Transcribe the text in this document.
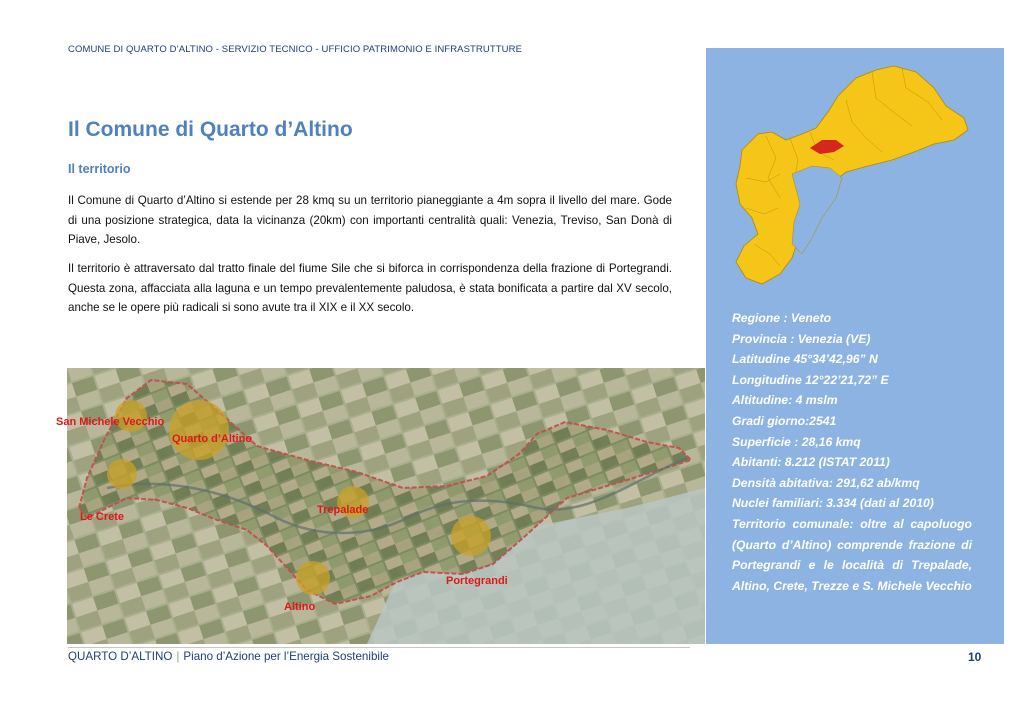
COMUNE DI QUARTO D’ALTINO - SERVIZIO TECNICO - UFFICIO PATRIMONIO E INFRASTRUTTURE
Il Comune di Quarto d’Altino
Il territorio

Il Comune di Quarto d’Altino si estende per 28 kmq su un territorio pianeggiante a 4m sopra il livello del mare. Gode di una posizione strategica, data la vicinanza (20km) con importanti centralità quali: Venezia, Treviso, San Donà di Piave, Jesolo.

Il territorio è attraversato dal tratto finale del fiume Sile che si biforca in corrispondenza della frazione di Portegrandi. Questa zona, affacciata alla laguna e un tempo prevalentemente paludosa, è stata bonificata a partire dal XV secolo, anche se le opere più radicali si sono avute tra il XIX e il XX secolo.

Regione : Veneto
Provincia : Venezia (VE)
Latitudine 45°34’42,96” N
Longitudine 12°22’21,72” E
Altitudine: 4 mslm
Gradi giorno:2541
Superficie : 28,16 kmq
Abitanti: 8.212 (ISTAT 2011)
Densità abitativa: 291,62 ab/kmq
Nuclei familiari: 3.334 (dati al 2010)
Territorio comunale: oltre al capoluogo (Quarto d’Altino) comprende frazione di Portegrandi e le località di Trepalade, Altino, Crete, Trezze e S. Michele Vecchio
San Michele Vecchio
Quarto d’Altino
Le Crete
Trepalade
Portegrandi
Altino
QUARTO D’ALTINO | Piano d’Azione per l’Energia Sostenibile	10
